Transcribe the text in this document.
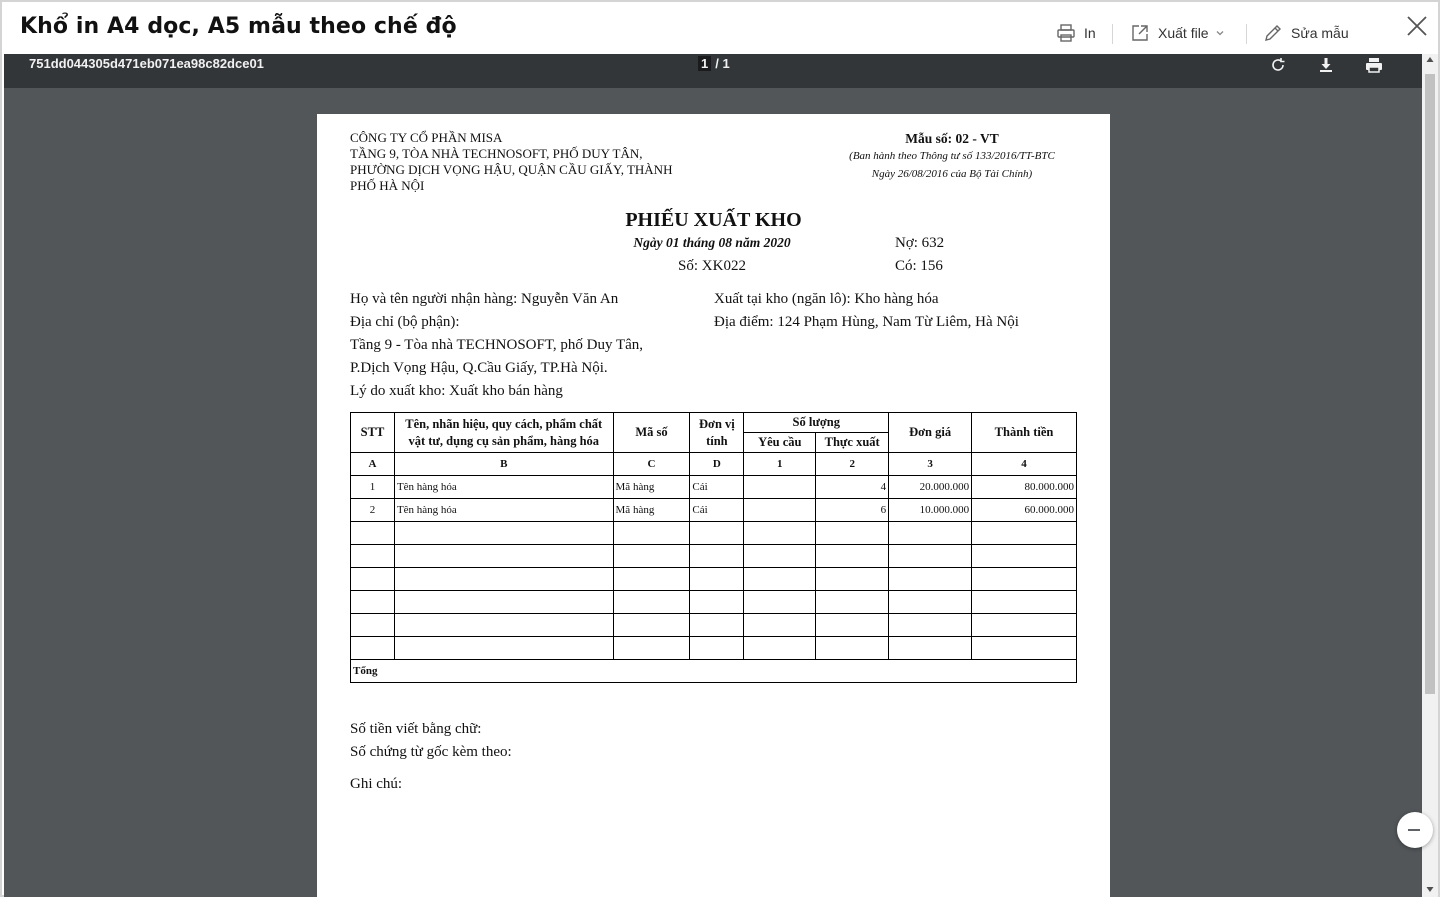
Khổ in A4 dọc, A5 mẫu theo chế độ	In	Xuất file	Sửa mẫu
751dd044305d471eb071ea98c82dce01	1 / 1
CÔNG TY CỔ PHẦN MISA
TẦNG 9, TÒA NHÀ TECHNOSOFT, PHỐ DUY TÂN,
PHƯỜNG DỊCH VỌNG HẬU, QUẬN CẦU GIẤY, THÀNH
PHỐ HÀ NỘI
Mẫu số: 02 - VT
(Ban hành theo Thông tư số 133/2016/TT-BTC
Ngày 26/08/2016 của Bộ Tài Chính)
PHIẾU XUẤT KHO
Ngày 01 tháng 08 năm 2020
Số: XK022
Nợ: 632
Có: 156
Họ và tên người nhận hàng: Nguyễn Văn An
Địa chỉ (bộ phận):
Tầng 9 - Tòa nhà TECHNOSOFT, phố Duy Tân,
P.Dịch Vọng Hậu, Q.Cầu Giấy, TP.Hà Nội.
Lý do xuất kho: Xuất kho bán hàng
Xuất tại kho (ngăn lô): Kho hàng hóa
Địa điểm: 124 Phạm Hùng, Nam Từ Liêm, Hà Nội
STT	Tên, nhãn hiệu, quy cách, phẩm chất vật tư, dụng cụ sản phẩm, hàng hóa	Mã số	Đơn vị tính	Số lượng		Đơn giá	Thành tiền
				Yêu cầu	Thực xuất		
A	B	C	D	1	2	3	4
1	Tên hàng hóa	Mã hàng	Cái		4	20.000.000	80.000.000
2	Tên hàng hóa	Mã hàng	Cái		6	10.000.000	60.000.000

Tổng							
Số tiền viết bằng chữ:
Số chứng từ gốc kèm theo:
Ghi chú:
